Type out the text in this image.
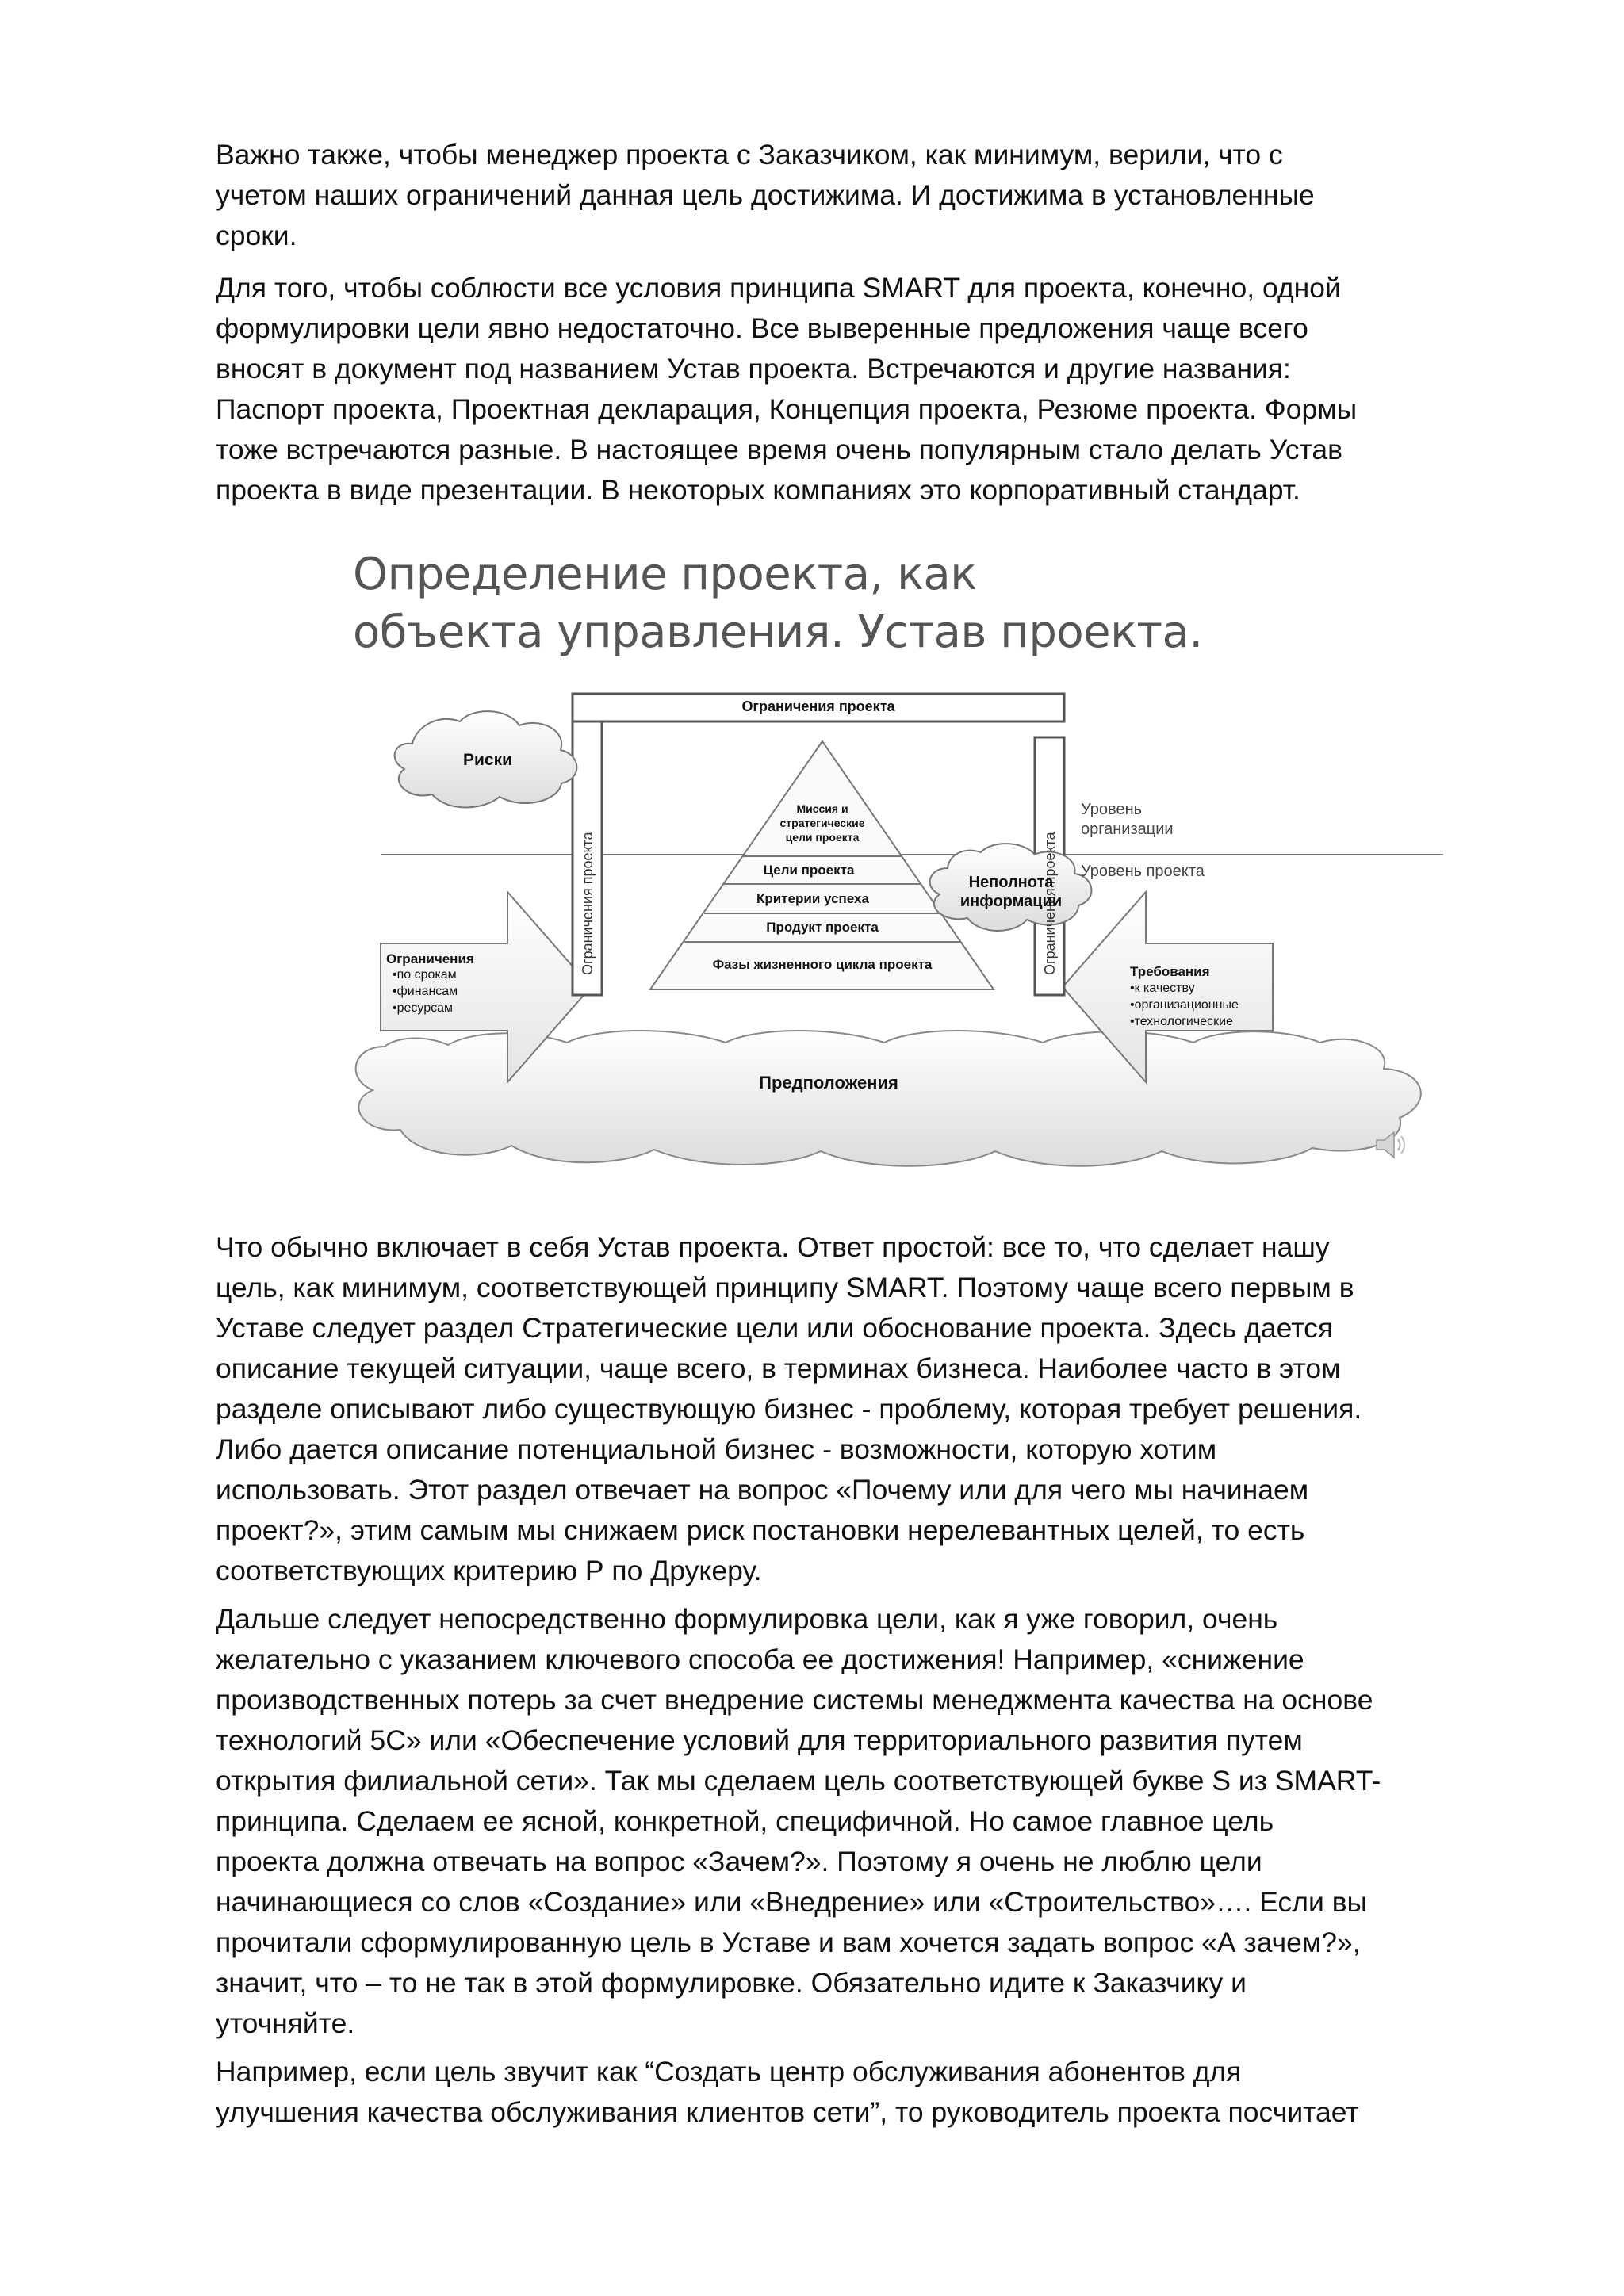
Важно также, чтобы менеджер проекта с Заказчиком, как минимум, верили, что с
учетом наших ограничений данная цель достижима. И достижима в установленные
сроки.
Для того, чтобы соблюсти все условия принципа SMART для проекта, конечно, одной
формулировки цели явно недостаточно. Все выверенные предложения чаще всего
вносят в документ под названием Устав проекта. Встречаются и другие названия:
Паспорт проекта, Проектная декларация, Концепция проекта, Резюме проекта. Формы
тоже встречаются разные. В настоящее время очень популярным стало делать Устав
проекта в виде презентации. В некоторых компаниях это корпоративный стандарт.
Определение проекта, как
объекта управления. Устав проекта.
Ограничения проекта
Ограничения проекта	Ограничения проекта
Риски
Миссия и
стратегические
цели проекта
Цели проекта
Критерии успеха
Продукт проекта
Фазы жизненного цикла проекта
Неполнота
информации
Уровень
организации
Уровень проекта
Ограничения
•по срокам
•финансам
•ресурсам
Требования
•к качеству
•организационные
•технологические
Предположения
Что обычно включает в себя Устав проекта. Ответ простой: все то, что сделает нашу
цель, как минимум, соответствующей принципу SMART. Поэтому чаще всего первым в
Уставе следует раздел Стратегические цели или обоснование проекта. Здесь дается
описание текущей ситуации, чаще всего, в терминах бизнеса. Наиболее часто в этом
разделе описывают либо существующую бизнес - проблему, которая требует решения.
Либо дается описание потенциальной бизнес - возможности, которую хотим
использовать. Этот раздел отвечает на вопрос «Почему или для чего мы начинаем
проект?», этим самым мы снижаем риск постановки нерелевантных целей, то есть
соответствующих критерию Р по Друкеру.
Дальше следует непосредственно формулировка цели, как я уже говорил, очень
желательно с указанием ключевого способа ее достижения! Например, «снижение
производственных потерь за счет внедрение системы менеджмента качества на основе
технологий 5С» или «Обеспечение условий для территориального развития путем
открытия филиальной сети». Так мы сделаем цель соответствующей букве S из SMART-
принципа. Сделаем ее ясной, конкретной, специфичной. Но самое главное цель
проекта должна отвечать на вопрос «Зачем?». Поэтому я очень не люблю цели
начинающиеся со слов «Создание» или «Внедрение» или «Строительство»…. Если вы
прочитали сформулированную цель в Уставе и вам хочется задать вопрос «А зачем?»,
значит, что – то не так в этой формулировке. Обязательно идите к Заказчику и
уточняйте.
Например, если цель звучит как “Создать центр обслуживания абонентов для
улучшения качества обслуживания клиентов сети”, то руководитель проекта посчитает
